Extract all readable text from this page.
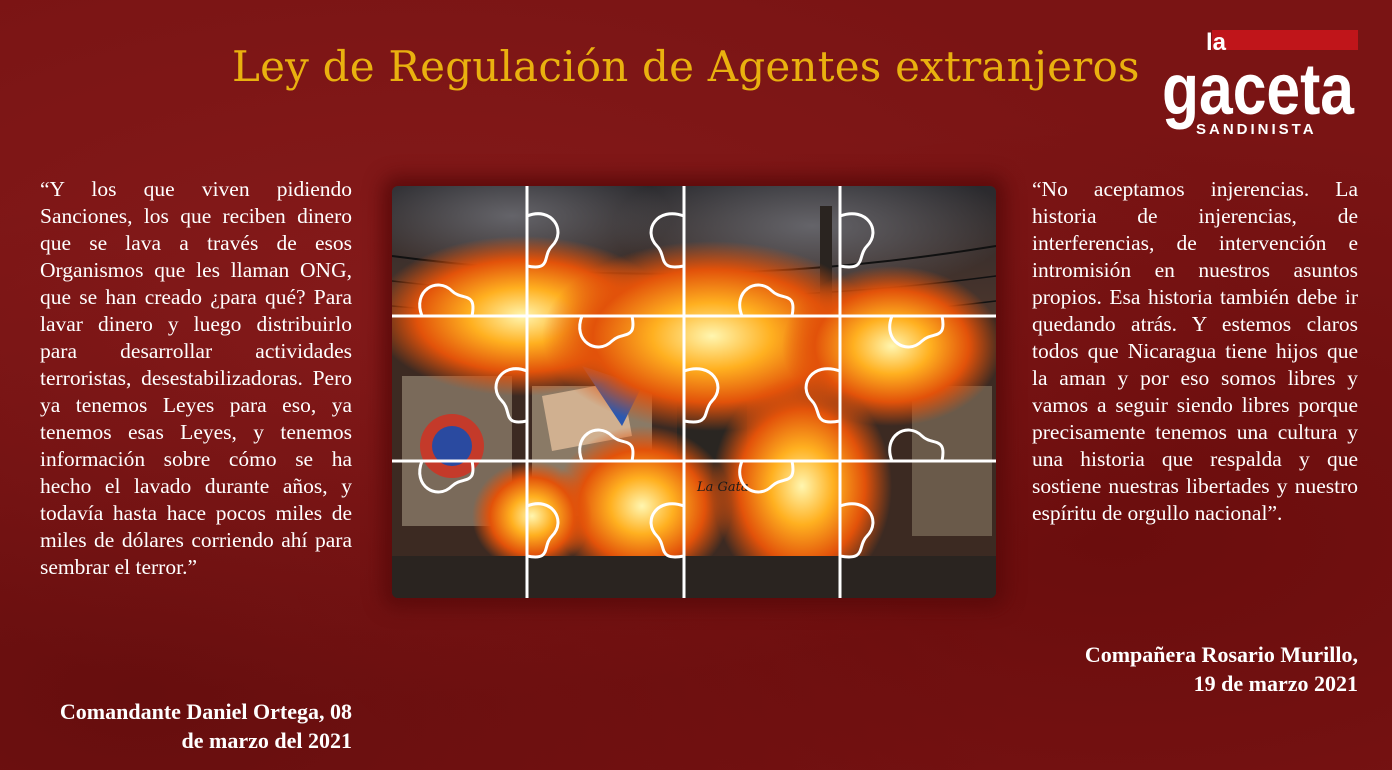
Ley de Regulación de Agentes extranjeros	la
gaceta
SANDINISTA
“Y los que viven pidiendo Sanciones, los que reciben dinero que se lava a través de esos Organismos que les llaman ONG, que se han creado ¿para qué? Para lavar dinero y luego distribuirlo para desarrollar actividades terroristas, desestabilizadoras. Pero ya tenemos Leyes para eso, ya tenemos esas Leyes, y tenemos información sobre cómo se ha hecho el lavado durante años, y todavía hasta hace pocos miles de miles de dólares corriendo ahí para sembrar el terror.”
Comandante Daniel Ortega, 08 de marzo del 2021
“No aceptamos injerencias. La historia de injerencias, de interferencias, de intervención e intromisión en nuestros asuntos propios. Esa historia también debe ir quedando atrás. Y estemos claros todos que Nicaragua tiene hijos que la aman y por eso somos libres y vamos a seguir siendo libres porque precisamente tenemos una cultura y una historia que respalda y que sostiene nuestras libertades y nuestro espíritu de orgullo nacional”.
Compañera Rosario Murillo,
19 de marzo 2021
La Gata
